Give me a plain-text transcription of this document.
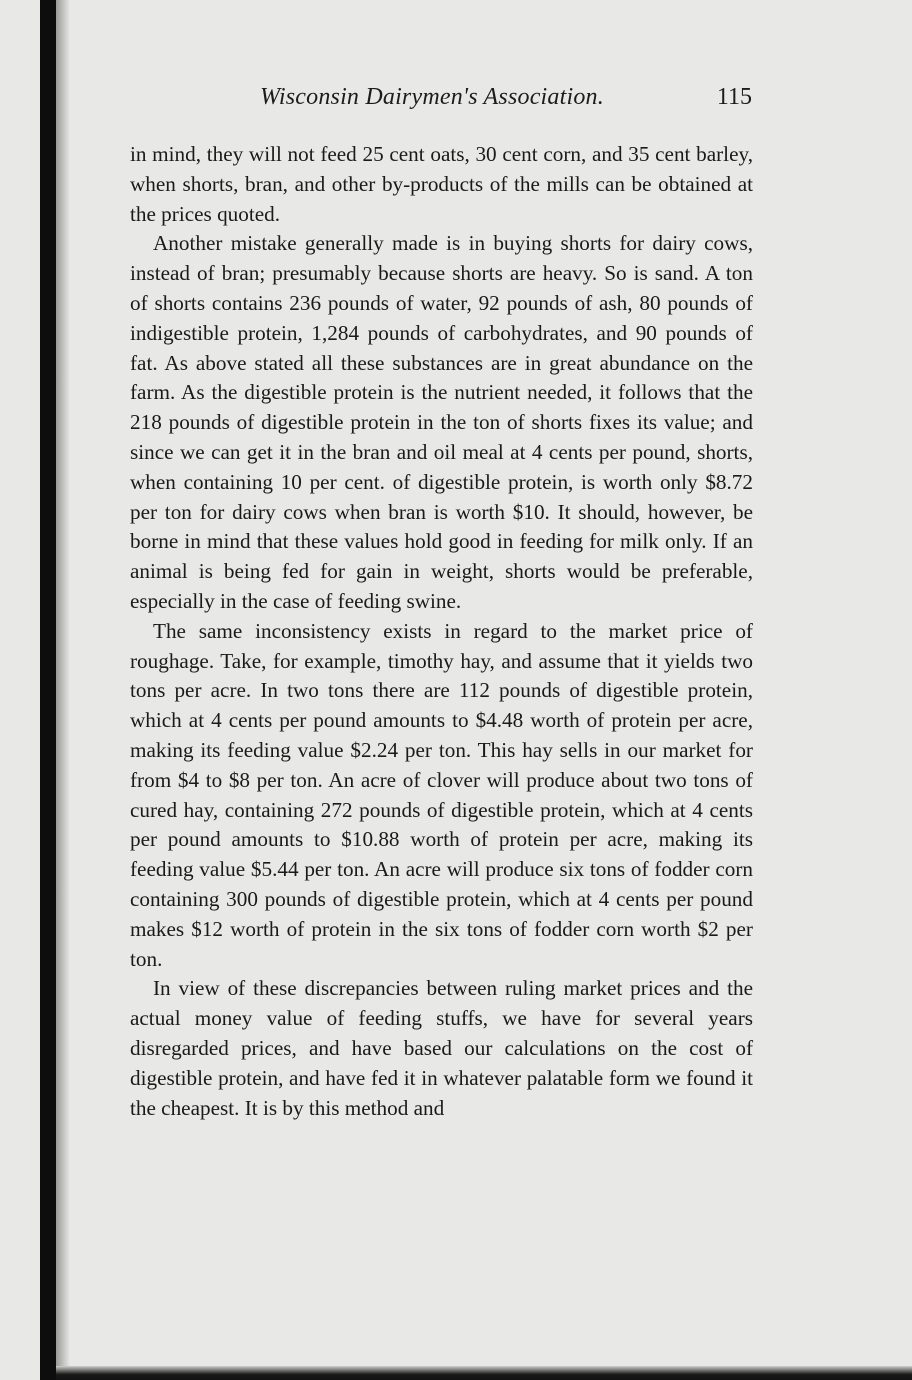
Wisconsin Dairymen's Association.	115

in mind, they will not feed 25 cent oats, 30 cent corn, and 35 cent barley, when shorts, bran, and other by-products of the mills can be obtained at the prices quoted.

Another mistake generally made is in buying shorts for dairy cows, instead of bran; presumably because shorts are heavy. So is sand. A ton of shorts contains 236 pounds of water, 92 pounds of ash, 80 pounds of indigestible protein, 1,284 pounds of carbohydrates, and 90 pounds of fat. As above stated all these substances are in great abundance on the farm. As the digestible protein is the nutrient needed, it follows that the 218 pounds of digestible protein in the ton of shorts fixes its value; and since we can get it in the bran and oil meal at 4 cents per pound, shorts, when containing 10 per cent. of digestible protein, is worth only $8.72 per ton for dairy cows when bran is worth $10. It should, however, be borne in mind that these values hold good in feeding for milk only. If an animal is being fed for gain in weight, shorts would be preferable, especially in the case of feeding swine.

The same inconsistency exists in regard to the market price of roughage. Take, for example, timothy hay, and assume that it yields two tons per acre. In two tons there are 112 pounds of digestible protein, which at 4 cents per pound amounts to $4.48 worth of protein per acre, making its feeding value $2.24 per ton. This hay sells in our market for from $4 to $8 per ton. An acre of clover will produce about two tons of cured hay, containing 272 pounds of digestible protein, which at 4 cents per pound amounts to $10.88 worth of protein per acre, making its feeding value $5.44 per ton. An acre will produce six tons of fodder corn containing 300 pounds of digestible protein, which at 4 cents per pound makes $12 worth of protein in the six tons of fodder corn worth $2 per ton.

In view of these discrepancies between ruling market prices and the actual money value of feeding stuffs, we have for several years disregarded prices, and have based our calculations on the cost of digestible protein, and have fed it in whatever palatable form we found it the cheapest. It is by this method and
